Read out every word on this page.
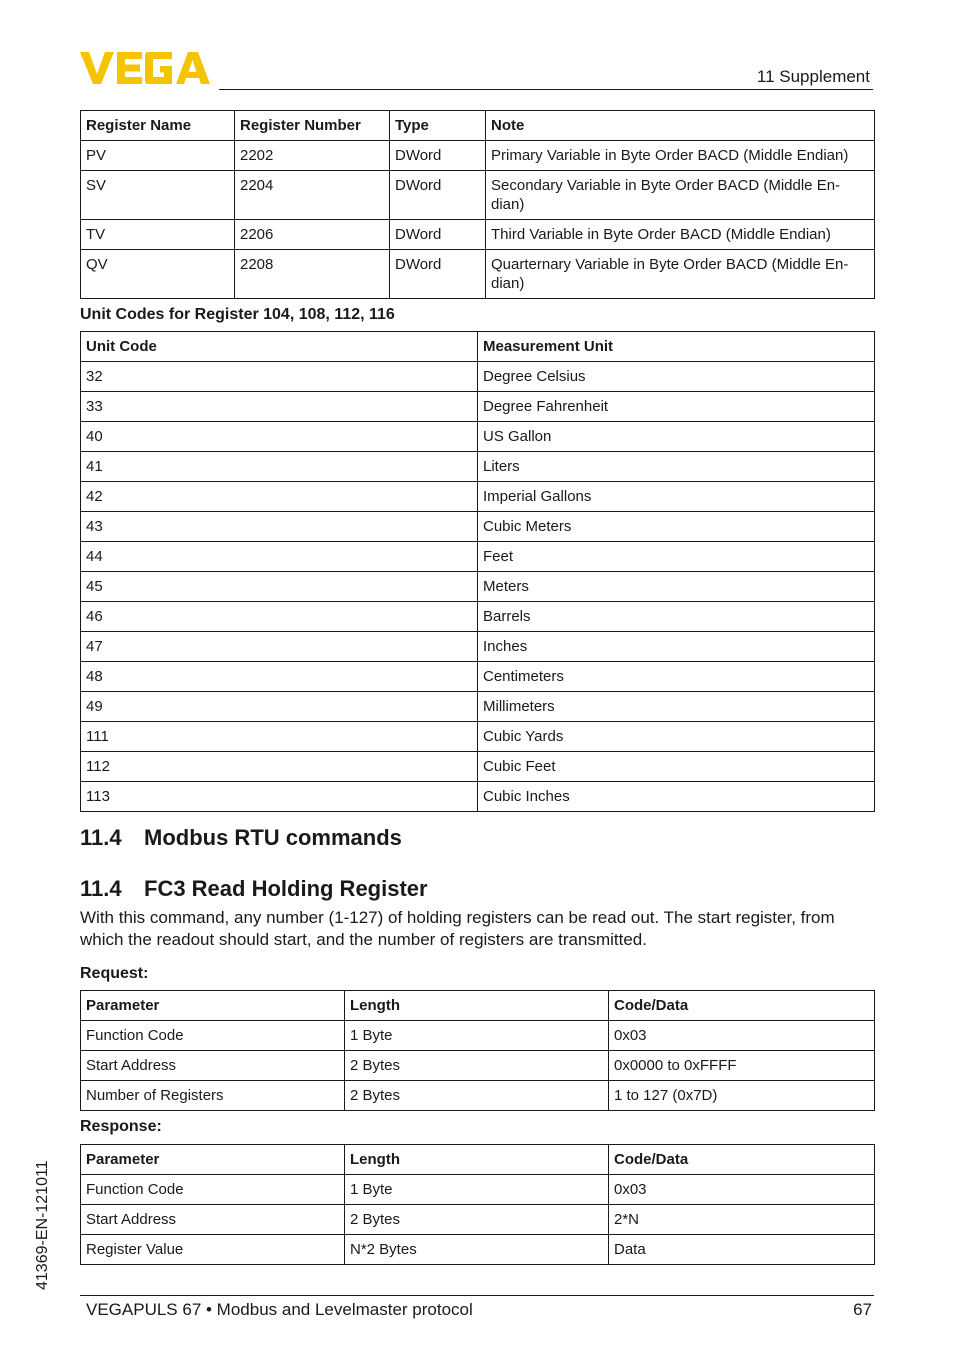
11 Supplement
Register Name	Register Number	Type	Note
PV	2202	DWord	Primary Variable in Byte Order BACD (Middle Endian)
SV	2204	DWord	Secondary Variable in Byte Order BACD (Middle En- dian)
TV	2206	DWord	Third Variable in Byte Order BACD (Middle Endian)
QV	2208	DWord	Quarternary Variable in Byte Order BACD (Middle En- dian)
Unit Codes for Register 104, 108, 112, 116
Unit Code	Measurement Unit
32	Degree Celsius
33	Degree Fahrenheit
40	US Gallon
41	Liters
42	Imperial Gallons
43	Cubic Meters
44	Feet
45	Meters
46	Barrels
47	Inches
48	Centimeters
49	Millimeters
111	Cubic Yards
112	Cubic Feet
113	Cubic Inches
11.4 Modbus RTU commands
11.4 FC3 Read Holding Register

With this command, any number (1-127) of holding registers can be read out. The start register, from which the readout should start, and the number of registers are transmitted.

Request:
Parameter	Length	Code/Data
Function Code	1 Byte	0x03
Start Address	2 Bytes	0x0000 to 0xFFFF
Number of Registers	2 Bytes	1 to 127 (0x7D)
Response:
Parameter	Length	Code/Data
Function Code	1 Byte	0x03
Start Address	2 Bytes	2*N
Register Value	N*2 Bytes	Data
41369-EN-121011
VEGAPULS 67 • Modbus and Levelmaster protocol	67
